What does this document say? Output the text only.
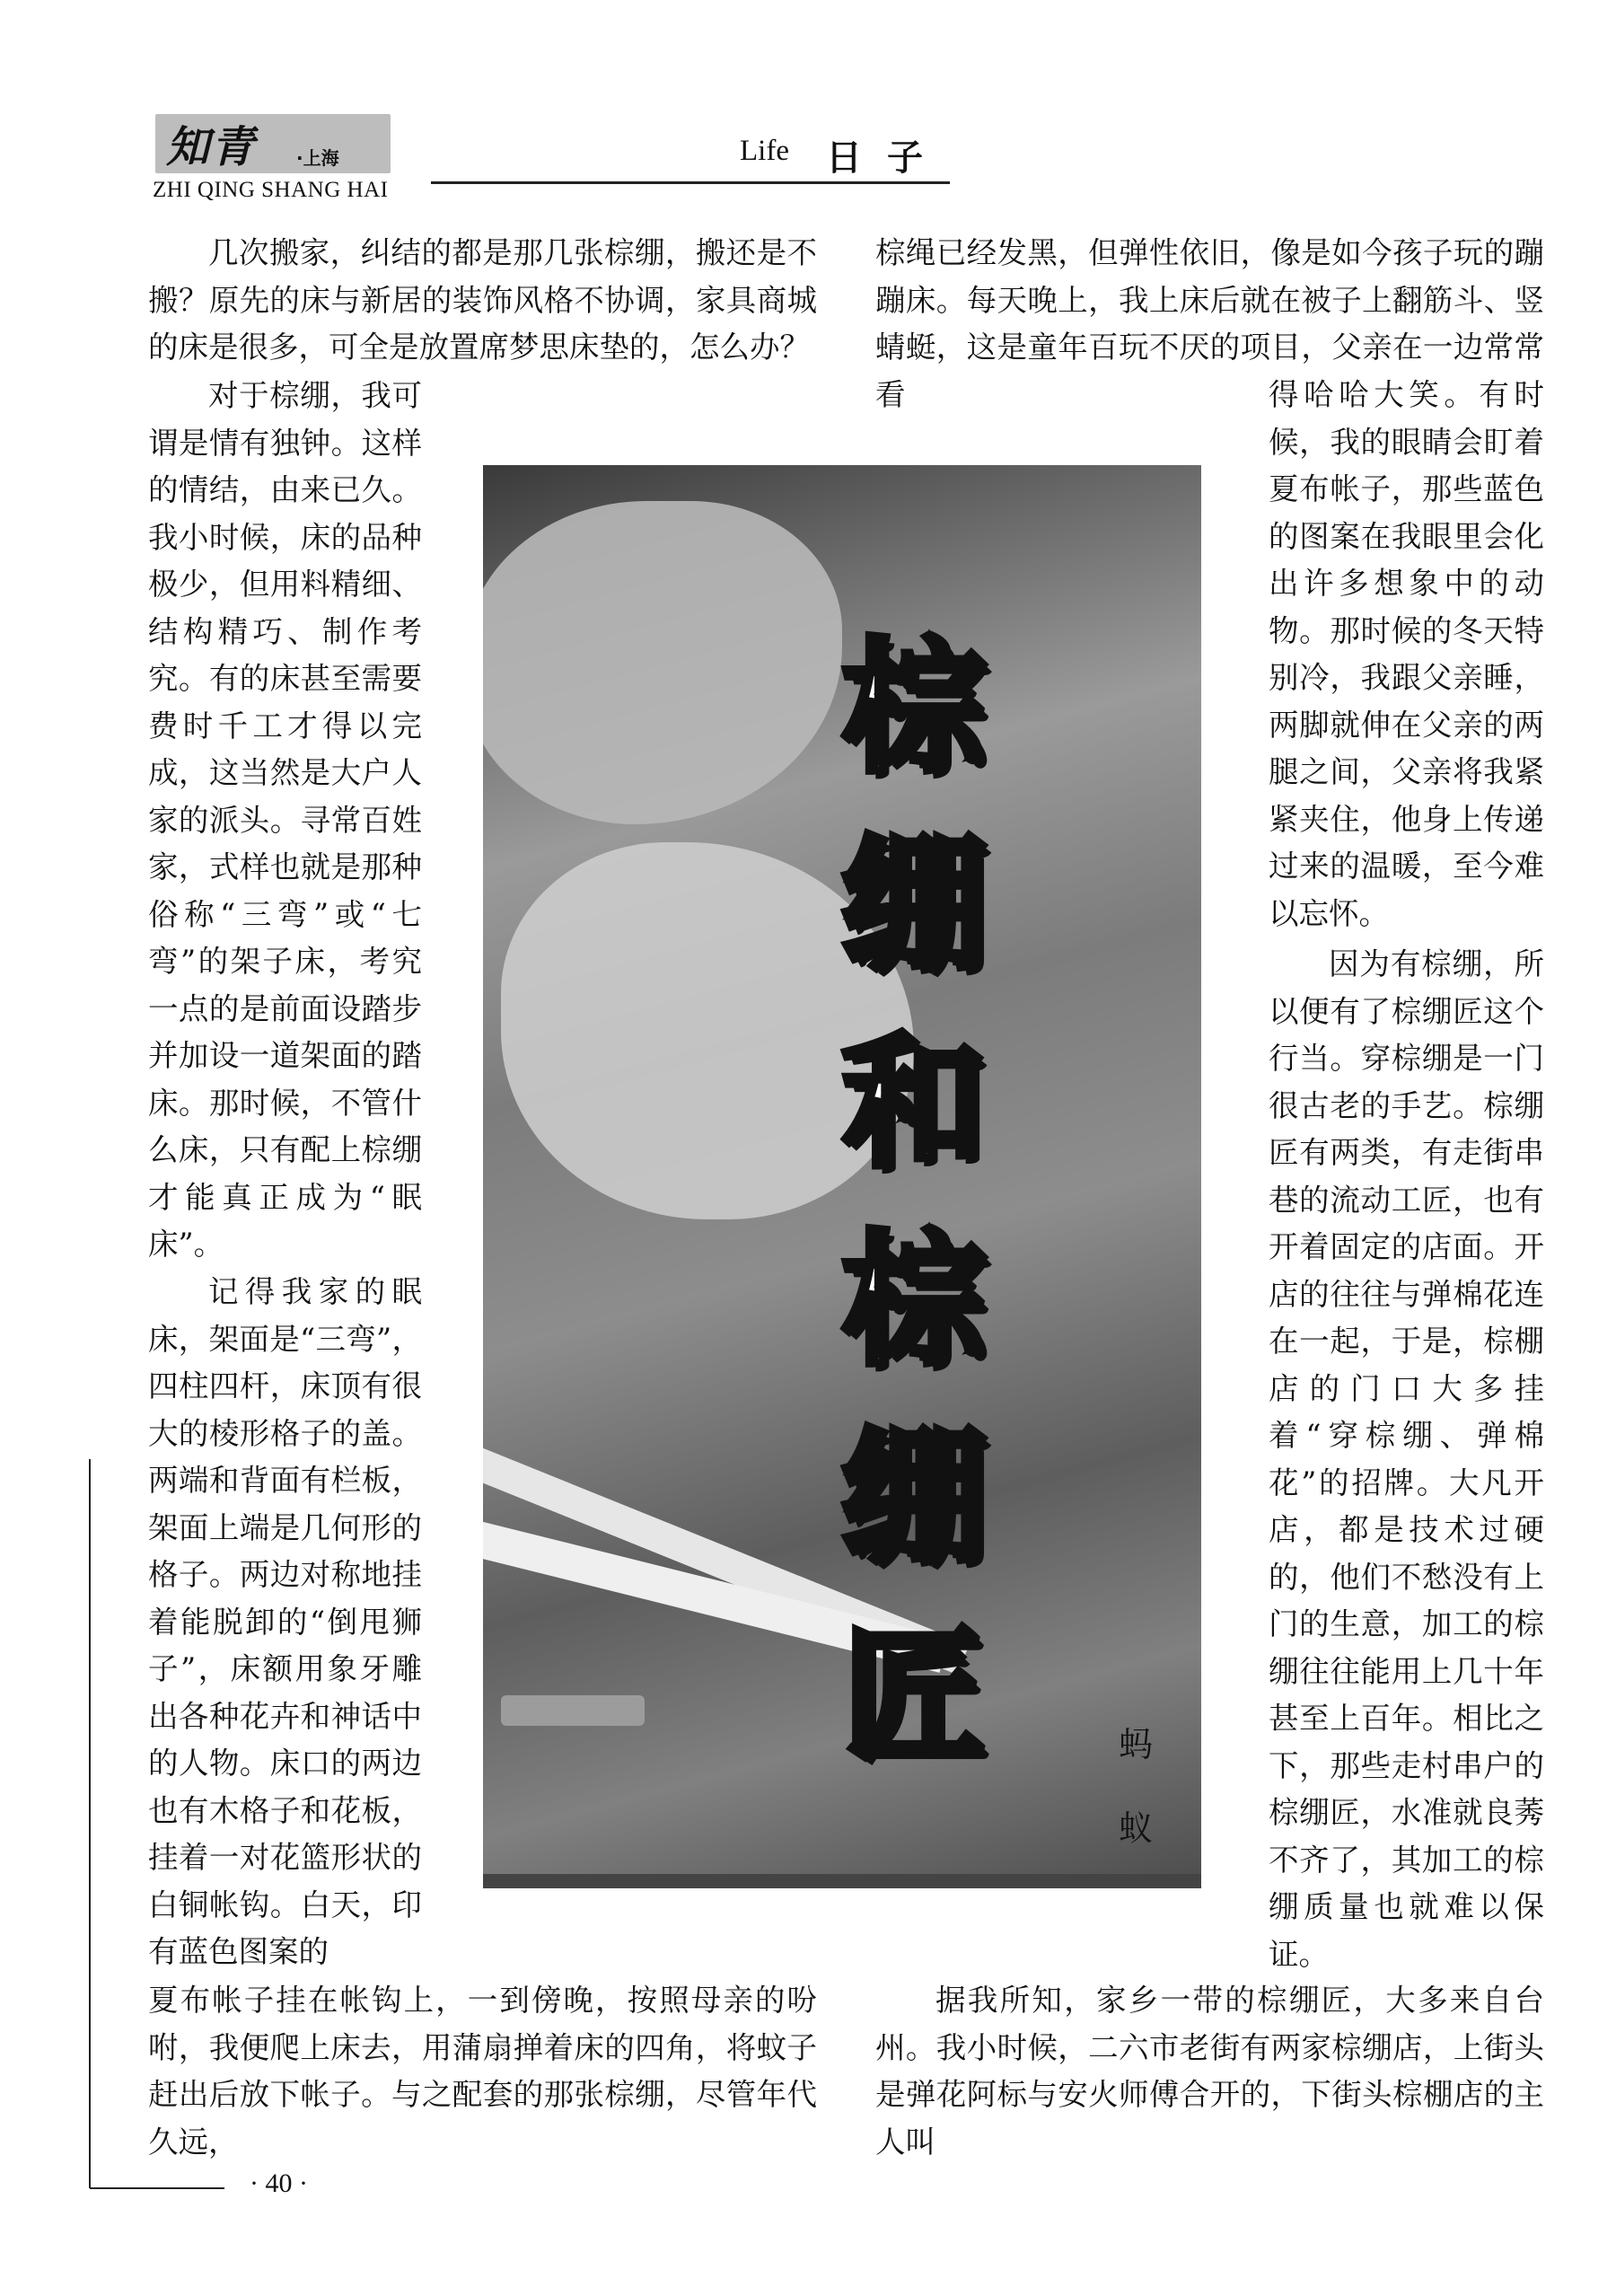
知青 ·上海
ZHI QING SHANG HAI
Life 日子

几次搬家，纠结的都是那几张棕绷，搬还是不搬？原先的床与新居的装饰风格不协调，家具商城的床是很多，可全是放置席梦思床垫的，怎么办？

对于棕绷，我可谓是情有独钟。这样的情结，由来已久。我小时候，床的品种极少，但用料精细、结构精巧、制作考究。有的床甚至需要费时千工才得以完成，这当然是大户人家的派头。寻常百姓家，式样也就是那种俗称“三弯”或“七弯”的架子床，考究一点的是前面设踏步并加设一道架面的踏床。那时候，不管什么床，只有配上棕绷才能真正成为“眠床”。

记得我家的眠床，架面是“三弯”，四柱四杆，床顶有很大的棱形格子的盖。两端和背面有栏板，架面上端是几何形的格子。两边对称地挂着能脱卸的“倒甩狮子”，床额用象牙雕出各种花卉和神话中的人物。床口的两边也有木格子和花板，挂着一对花篮形状的白铜帐钩。白天，印有蓝色图案的

夏布帐子挂在帐钩上，一到傍晚，按照母亲的吩咐，我便爬上床去，用蒲扇掸着床的四角，将蚊子赶出后放下帐子。与之配套的那张棕绷，尽管年代久远，

棕绳已经发黑，但弹性依旧，像是如今孩子玩的蹦蹦床。每天晚上，我上床后就在被子上翻筋斗、竖蜻蜓，这是童年百玩不厌的项目，父亲在一边常常看	得哈哈大笑。有时候，我的眼睛会盯着夏布帐子，那些蓝色的图案在我眼里会化出许多想象中的动物。那时候的冬天特别冷，我跟父亲睡，两脚就伸在父亲的两腿之间，父亲将我紧紧夹住，他身上传递过来的温暖，至今难以忘怀。

因为有棕绷，所以便有了棕绷匠这个行当。穿棕绷是一门很古老的手艺。棕绷匠有两类，有走街串巷的流动工匠，也有开着固定的店面。开店的往往与弹棉花连在一起，于是，棕棚店的门口大多挂着“穿棕绷、弹棉花”的招牌。大凡开店，都是技术过硬的，他们不愁没有上门的生意，加工的棕绷往往能用上几十年甚至上百年。相比之下，那些走村串户的棕绷匠，水准就良莠不齐了，其加工的棕绷质量也就难以保证。

据我所知，家乡一带的棕绷匠，大多来自台州。我小时候，二六市老街有两家棕绷店，上街头是弹花阿标与安火师傅合开的，下街头棕棚店的主人叫

棕
绷
和
棕
绷
匠	蚂
蚁
· 40 ·
